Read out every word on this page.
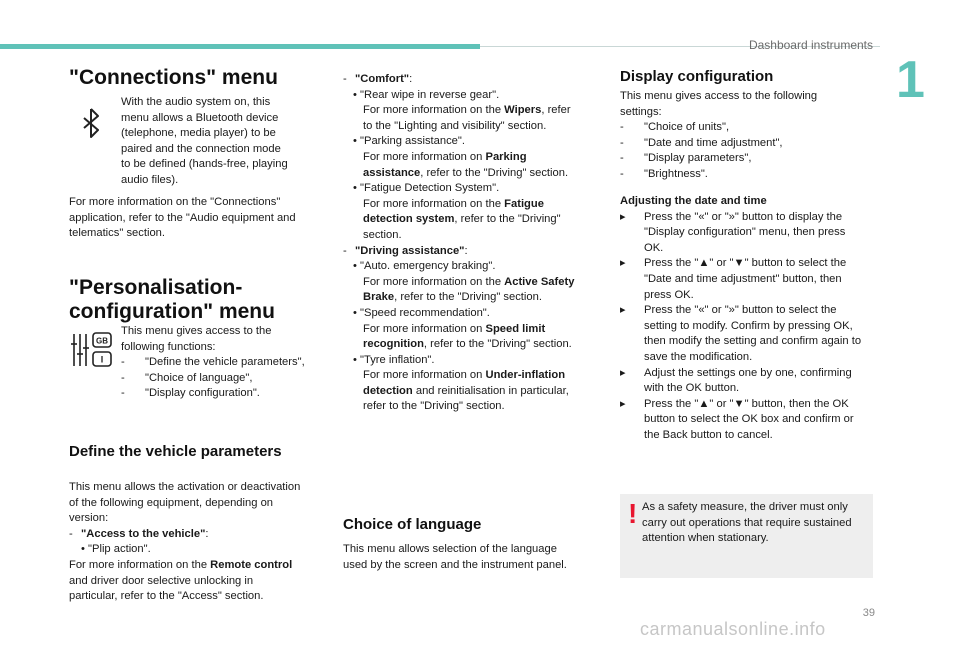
Dashboard instruments
1
"Connections" menu

With the audio system on, this

menu allows a Bluetooth device

(telephone, media player) to be

paired and the connection mode

to be defined (hands-free, playing

audio files).

For more information on the "Connections"

application, refer to the "Audio equipment and

telematics" section.

"Personalisation-
configuration" menu
GB
I

This menu gives access to the

following functions:

-	"Define the vehicle parameters",
-	"Choice of language",
-	"Display configuration".
Define the vehicle parameters

This menu allows the activation or deactivation

of the following equipment, depending on

version:

- "Access to the vehicle" :
• "Plip action".

For more information on the Remote control

and driver door selective unlocking in

particular, refer to the "Access" section.

- "Comfort" :
• "Rear wipe in reverse gear".
For more information on the Wipers, refer
to the "Lighting and visibility" section.
• "Parking assistance".
For more information on Parking
assistance, refer to the "Driving" section.
• "Fatigue Detection System".
For more information on the Fatigue
detection system, refer to the "Driving"
section.
- "Driving assistance" :
• "Auto. emergency braking".
For more information on the Active Safety
Brake, refer to the "Driving" section.
• "Speed recommendation".
For more information on Speed limit
recognition, refer to the "Driving" section.
• "Tyre inflation".
For more information on Under-inflation
detection and reinitialisation in particular,
refer to the "Driving" section.
Choice of language

This menu allows selection of the language

used by the screen and the instrument panel.

Display configuration

This menu gives access to the following

settings:

-	"Choice of units",
-	"Date and time adjustment",
-	"Display parameters",
-	"Brightness".
Adjusting the date and time
▸	Press the "«" or "»" button to display the

"Display configuration" menu, then press

OK.

▸	Press the "▲" or "▼" button to select the

"Date and time adjustment" button, then

press OK.

▸	Press the "«" or "»" button to select the

setting to modify. Confirm by pressing OK,

then modify the setting and confirm again to

save the modification.

▸	Adjust the settings one by one, confirming

with the OK button.

▸	Press the "▲" or "▼" button, then the OK

button to select the OK box and confirm or

the Back button to cancel.

! As a safety measure, the driver must only

carry out operations that require sustained

attention when stationary.

39
carmanualsonline.info
